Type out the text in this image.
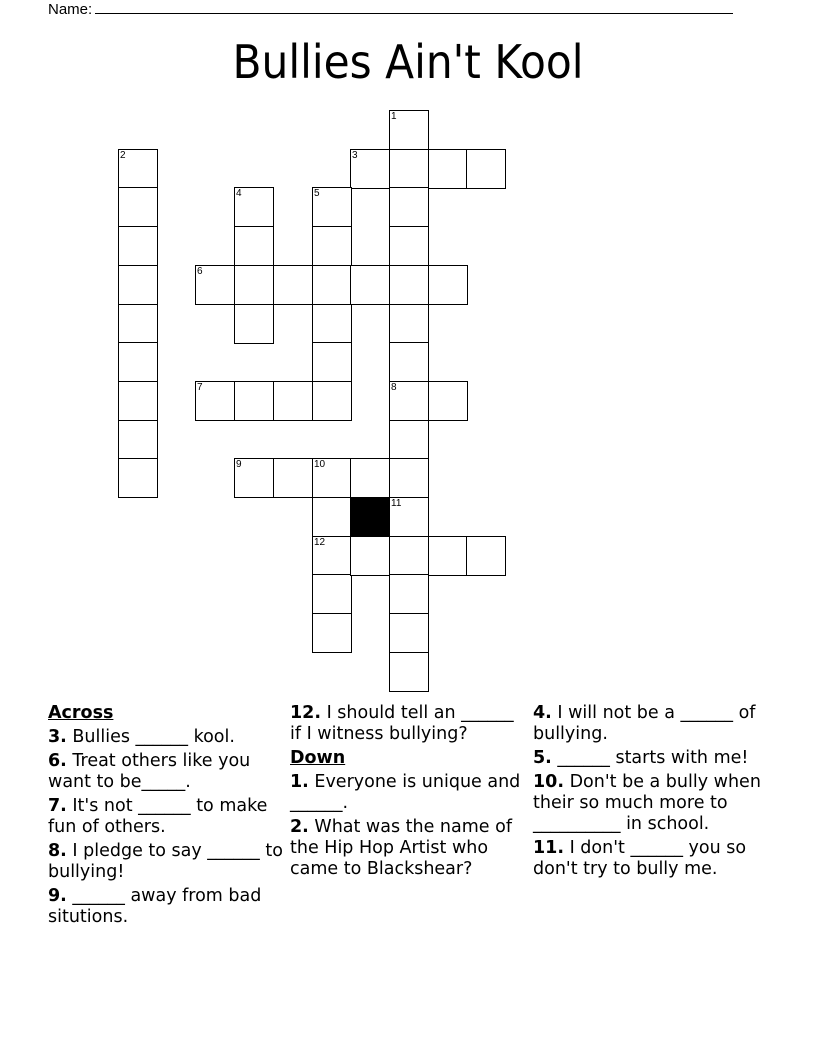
Name:
Bullies Ain't Kool
1
8
11
2	3
4	5
6
7
9	10
12
Across
3. Bullies ______ kool.
6. Treat others like you want to be_____.
7. It's not ______ to make fun of others.
8. I pledge to say ______ to bullying!
9. ______ away from bad situtions.
12. I should tell an ______ if I witness bullying?
Down
1. Everyone is unique and ______.
2. What was the name of the Hip Hop Artist who came to Blackshear?
4. I will not be a ______ of bullying.
5. ______ starts with me!
10. Don't be a bully when their so much more to __________ in school.
11. I don't ______ you so don't try to bully me.
